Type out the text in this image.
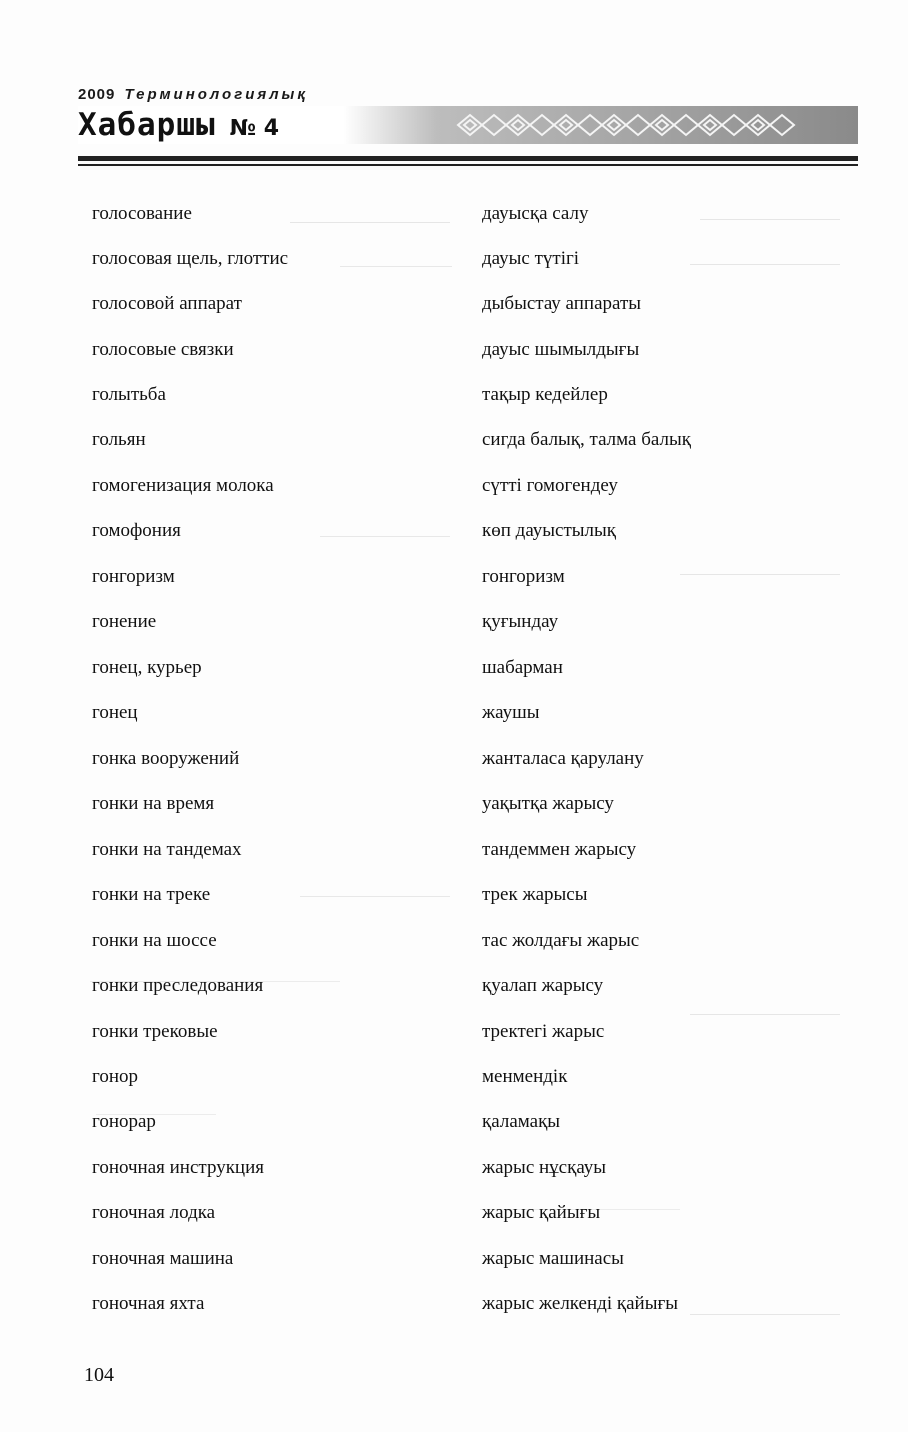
2009 Терминологиялық
Хабаршы № 4
голосование	дауысқа салу
голосовая щель, глоттис	дауыс түтігі
голосовой аппарат	дыбыстау аппараты
голосовые связки	дауыс шымылдығы
голытьба	тақыр кедейлер
гольян	сигда балық, талма балық
гомогенизация молока	сүтті гомогендеу
гомофония	көп дауыстылық
гонгоризм	гонгоризм
гонение	қуғындау
гонец, курьер	шабарман
гонец	жаушы
гонка вооружений	жанталаса қарулану
гонки на время	уақытқа жарысу
гонки на тандемах	тандеммен жарысу
гонки на треке	трек жарысы
гонки на шоссе	тас жолдағы жарыс
гонки преследования	қуалап жарысу
гонки трековые	тректегі жарыс
гонор	менмендік
гонорар	қаламақы
гоночная инструкция	жарыс нұсқауы
гоночная лодка	жарыс қайығы
гоночная машина	жарыс машинасы
гоночная яхта	жарыс желкенді қайығы
104
